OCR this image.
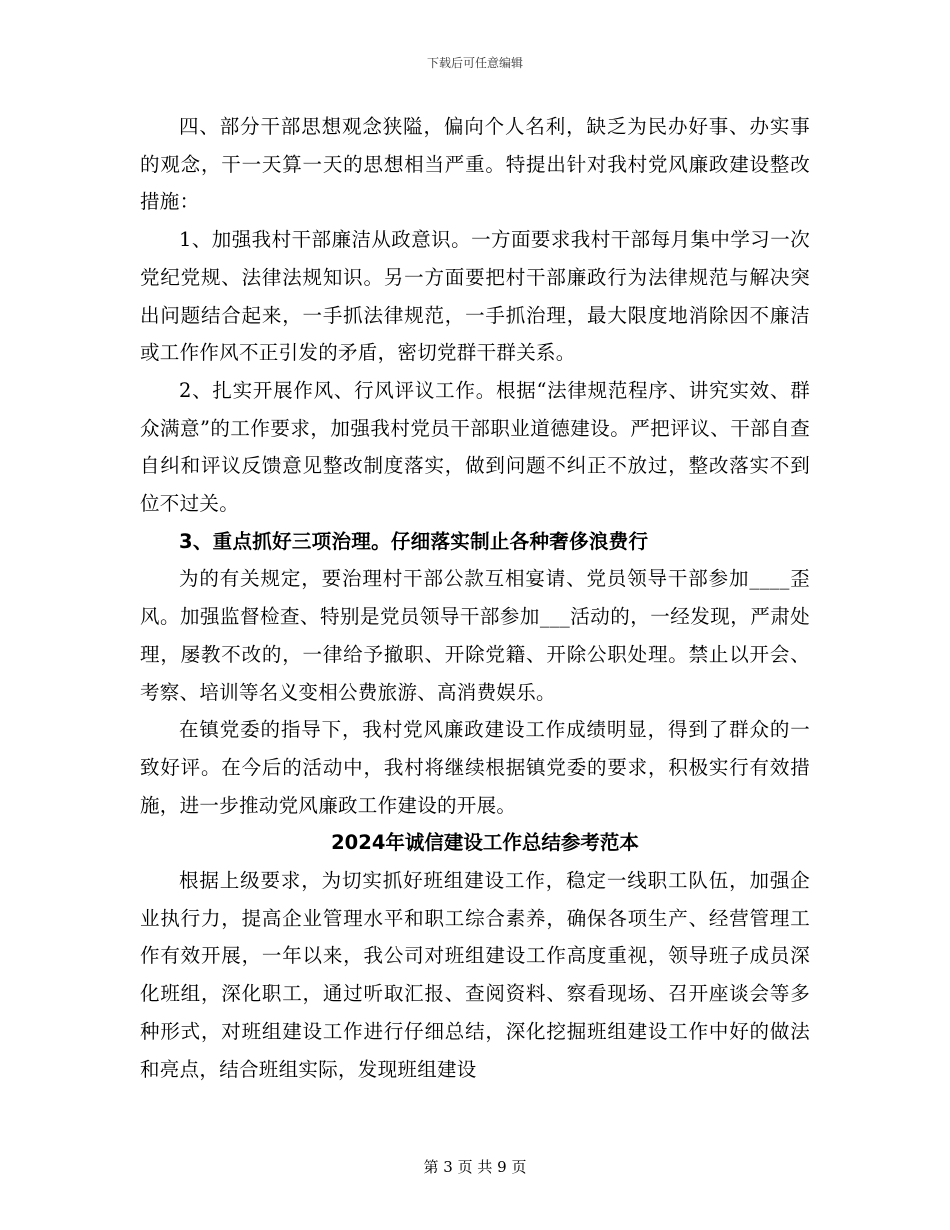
下载后可任意编辑

四、部分干部思想观念狭隘，偏向个人名利，缺乏为民办好事、办实事的观念，干一天算一天的思想相当严重。特提出针对我村党风廉政建设整改措施：

1、加强我村干部廉洁从政意识。一方面要求我村干部每月集中学习一次党纪党规、法律法规知识。另一方面要把村干部廉政行为法律规范与解决突出问题结合起来，一手抓法律规范，一手抓治理，最大限度地消除因不廉洁或工作作风不正引发的矛盾，密切党群干群关系。

2、扎实开展作风、行风评议工作。根据“法律规范程序、讲究实效、群众满意”的工作要求，加强我村党员干部职业道德建设。严把评议、干部自查自纠和评议反馈意见整改制度落实，做到问题不纠正不放过，整改落实不到位不过关。

3、重点抓好三项治理。仔细落实制止各种奢侈浪费行

为的有关规定，要治理村干部公款互相宴请、党员领导干部参加____歪风。加强监督检查、特别是党员领导干部参加___活动的，一经发现，严肃处理，屡教不改的，一律给予撤职、开除党籍、开除公职处理。禁止以开会、考察、培训等名义变相公费旅游、高消费娱乐。

在镇党委的指导下，我村党风廉政建设工作成绩明显，得到了群众的一致好评。在今后的活动中，我村将继续根据镇党委的要求，积极实行有效措施，进一步推动党风廉政工作建设的开展。

2024年诚信建设工作总结参考范本

根据上级要求，为切实抓好班组建设工作，稳定一线职工队伍，加强企业执行力，提高企业管理水平和职工综合素养，确保各项生产、经营管理工作有效开展，一年以来，我公司对班组建设工作高度重视，领导班子成员深化班组，深化职工，通过听取汇报、查阅资料、察看现场、召开座谈会等多种形式，对班组建设工作进行仔细总结，深化挖掘班组建设工作中好的做法和亮点，结合班组实际，发现班组建设

第 3 页 共 9 页
